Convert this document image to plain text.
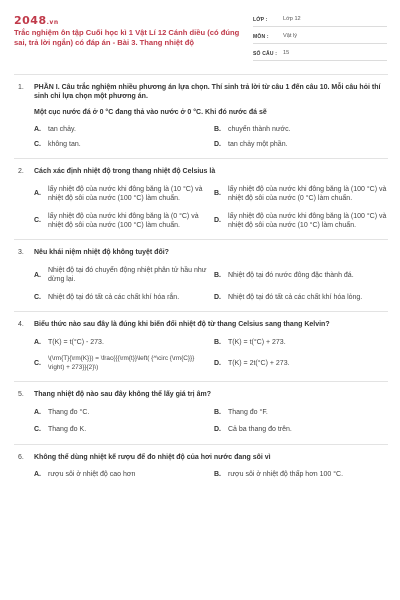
2048.vn
Trắc nghiệm ôn tập Cuối học kì 1 Vật Lí 12 Cánh diều (có đúng sai, trả lời ngắn) có đáp án - Bài 3. Thang nhiệt độ
LỚP :	Lớp 12
MÔN :	Vật lý
SỐ CÂU :	15
1.	PHẦN I. Câu trắc nghiệm nhiều phương án lựa chọn. Thí sinh trả lời từ câu 1 đến câu 10. Mỗi câu hỏi thí sinh chỉ lựa chọn một phương án.
Một cục nước đá ở 0 °C đang thả vào nước ở 0 °C. Khi đó nước đá sẽ
A.	tan chảy.	B.	chuyển thành nước.
C.	không tan.	D.	tan chảy một phần.
2.	Cách xác định nhiệt độ trong thang nhiệt độ Celsius là
A.
lấy nhiệt độ của nước khi đông băng là (10 °C) và nhiệt độ sôi của nước (100 °C) làm chuẩn.
B.
lấy nhiệt độ của nước khi đông băng là (100 °C) và nhiệt độ sôi của nước (0 °C) làm chuẩn.
C.
lấy nhiệt độ của nước khi đông băng là (0 °C) và nhiệt độ sôi của nước (100 °C) làm chuẩn.
D.
lấy nhiệt độ của nước khi đông băng là (100 °C) và nhiệt độ sôi của nước (10 °C) làm chuẩn.
3.	Nêu khái niệm nhiệt độ không tuyệt đối?
A.
Nhiệt độ tại đó chuyển động nhiệt phân tử hầu như dừng lại.
B.	Nhiệt độ tại đó nước đông đặc thành đá.
C.	Nhiệt độ tại đó tất cả các chất khí hóa rắn.	D.	Nhiệt độ tại đó tất cả các chất khí hóa lỏng.
4.	Biểu thức nào sau đây là đúng khi biến đổi nhiệt độ từ thang Celsius sang thang Kelvin?
A.	T(K) = t(°C) - 273.	B.	T(K) = t(°C) + 273.
C.
\(\rm{T}{\rm{K}}) = \frac{{{\rm{t}}\left( {^\circ {\rm{C}}} \right) + 273}}{2}\)
D.	T(K) = 2t(°C) + 273.
5.	Thang nhiệt độ nào sau đây không thể lấy giá trị âm?
A.	Thang đo °C.	B.	Thang đo °F.
C.	Thang đo K.	D.	Cả ba thang đo trên.
6.	Không thể dùng nhiệt kế rượu để đo nhiệt độ của hơi nước đang sôi vì
A.	rượu sôi ở nhiệt độ cao hơn	B.	rượu sôi ở nhiệt độ thấp hơn 100 °C.
